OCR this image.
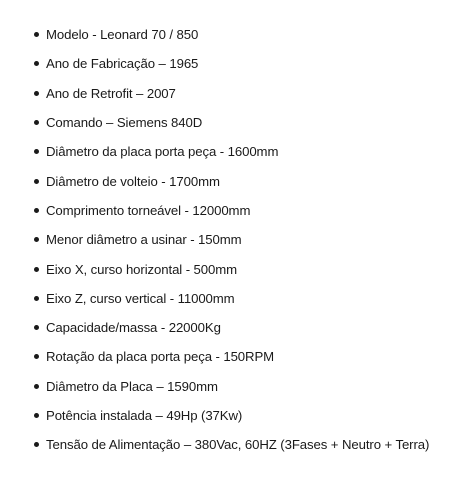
Modelo - Leonard 70 / 850
Ano de Fabricação – 1965
Ano de Retrofit – 2007
Comando – Siemens 840D
Diâmetro da placa porta peça - 1600mm
Diâmetro de volteio - 1700mm
Comprimento torneável - 12000mm
Menor diâmetro a usinar - 150mm
Eixo X, curso horizontal - 500mm
Eixo Z, curso vertical - 11000mm
Capacidade/massa - 22000Kg
Rotação da placa porta peça - 150RPM
Diâmetro da Placa – 1590mm
Potência instalada – 49Hp (37Kw)
Tensão de Alimentação – 380Vac, 60HZ (3Fases + Neutro + Terra)
